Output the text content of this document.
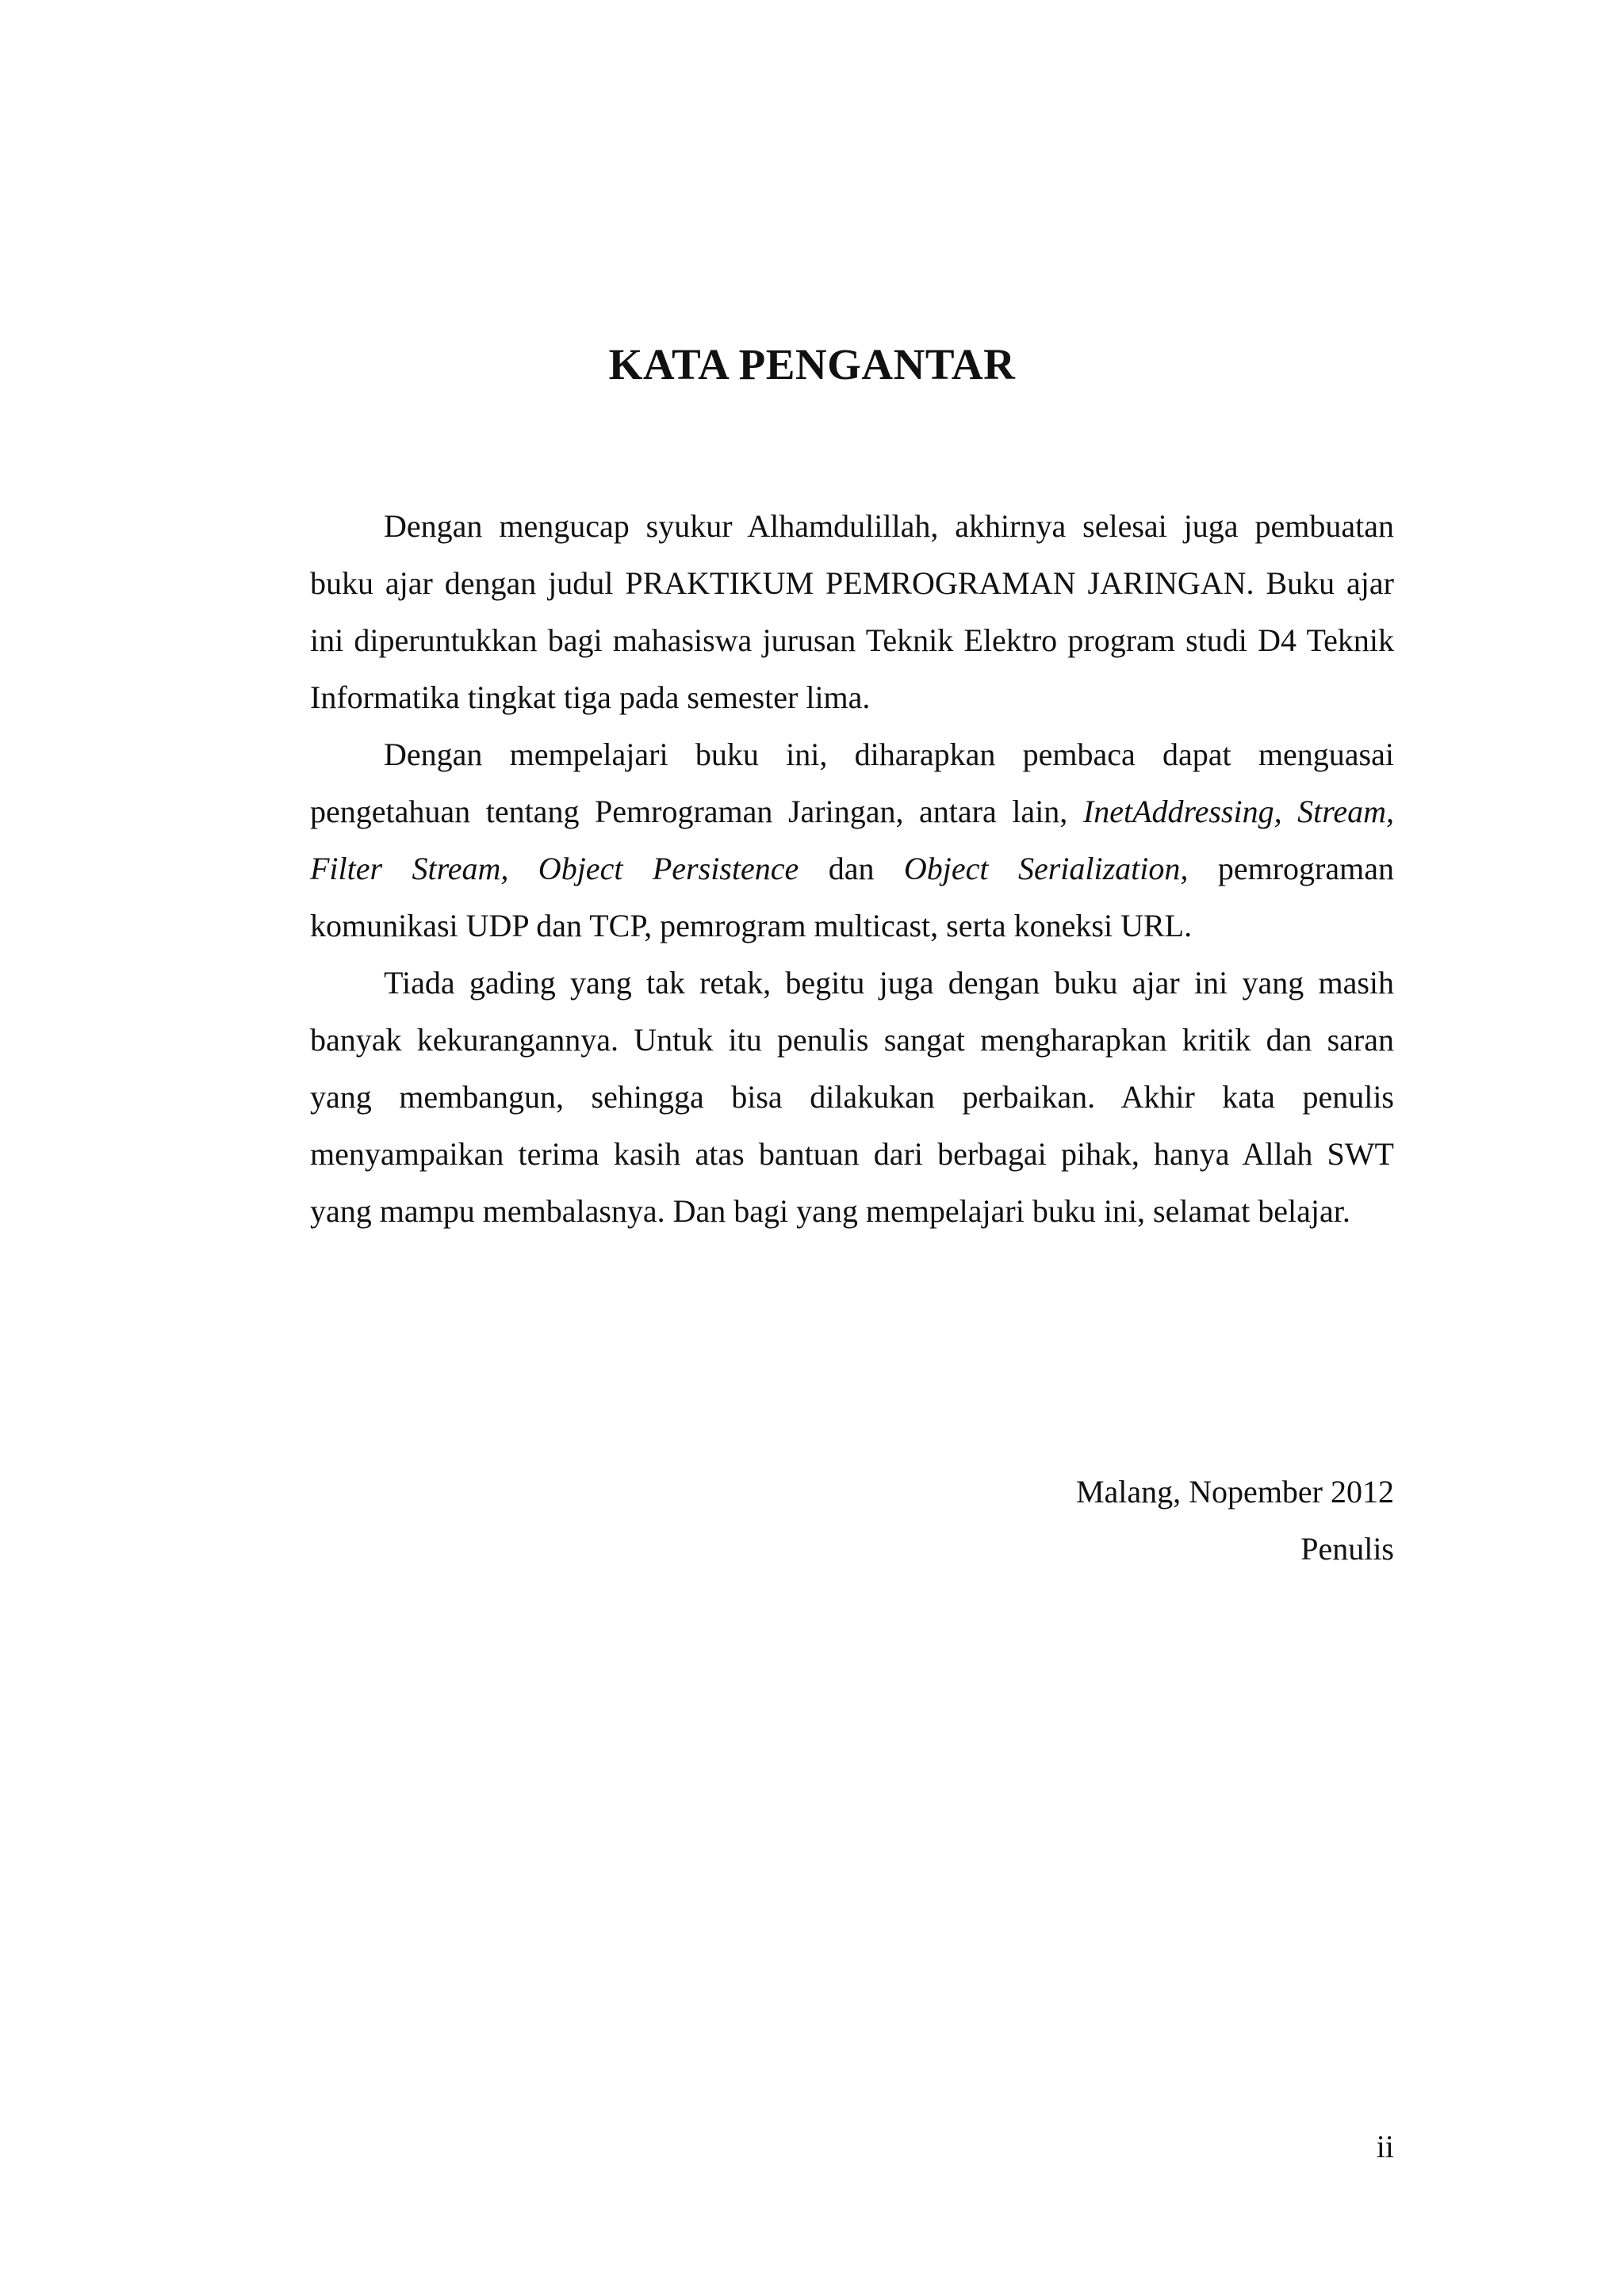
KATA PENGANTAR

Dengan mengucap syukur Alhamdulillah, akhirnya selesai juga pembuatan buku ajar dengan judul PRAKTIKUM PEMROGRAMAN JARINGAN. Buku ajar ini diperuntukkan bagi mahasiswa jurusan Teknik Elektro program studi D4 Teknik Informatika tingkat tiga pada semester lima.

Dengan mempelajari buku ini, diharapkan pembaca dapat menguasai pengetahuan tentang Pemrograman Jaringan, antara lain, InetAddressing, Stream, Filter Stream, Object Persistence dan Object Serialization, pemrograman komunikasi UDP dan TCP, pemrogram multicast, serta koneksi URL.

Tiada gading yang tak retak, begitu juga dengan buku ajar ini yang masih banyak kekurangannya. Untuk itu penulis sangat mengharapkan kritik dan saran yang membangun, sehingga bisa dilakukan perbaikan. Akhir kata penulis menyampaikan terima kasih atas bantuan dari berbagai pihak, hanya Allah SWT yang mampu membalasnya. Dan bagi yang mempelajari buku ini, selamat belajar.

Malang, Nopember 2012
Penulis
ii
